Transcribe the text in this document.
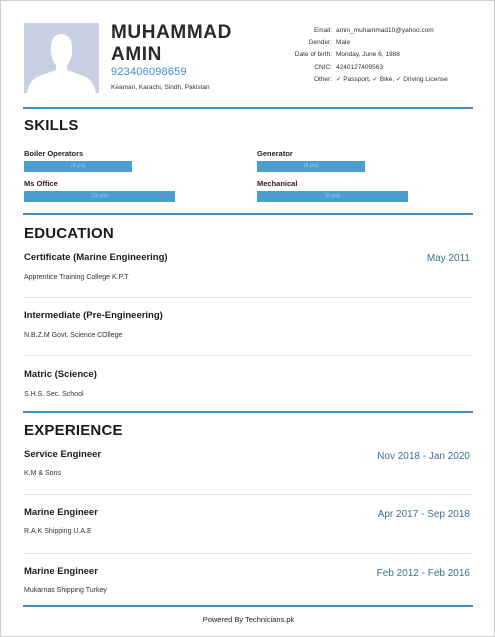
MUHAMMAD
AMIN
923406098659
Keamari, Karachi, Sindh, Pakistan
Email: amin_muhammad10@yahoo.com
Gender: Male
Date of birth: Monday, June 6, 1988
CNIC: 4240127409563
Other: ✓ Passport, ✓ Bike, ✓ Driving License
SKILLS
Boiler Operators
(4 yrs)
Generator
(5 yrs)
Ms Office
(12 yrs)
Mechanical
(6 yrs)
EDUCATION
Certificate (Marine Engineering)	May 2011
Apprentice Training College K.P.T
Intermediate (Pre-Engineering)
N.B.Z.M Govt. Science COllege
Matric (Science)
S.H.S. Sec. School
EXPERIENCE
Service Engineer	Nov 2018 - Jan 2020
K.M & Sons
Marine Engineer	Apr 2017 - Sep 2018
R.A.K Shipping U.A.E
Marine Engineer	Feb 2012 - Feb 2016
Mukarnas Shipping Turkey
Powered By Technicians.pk
